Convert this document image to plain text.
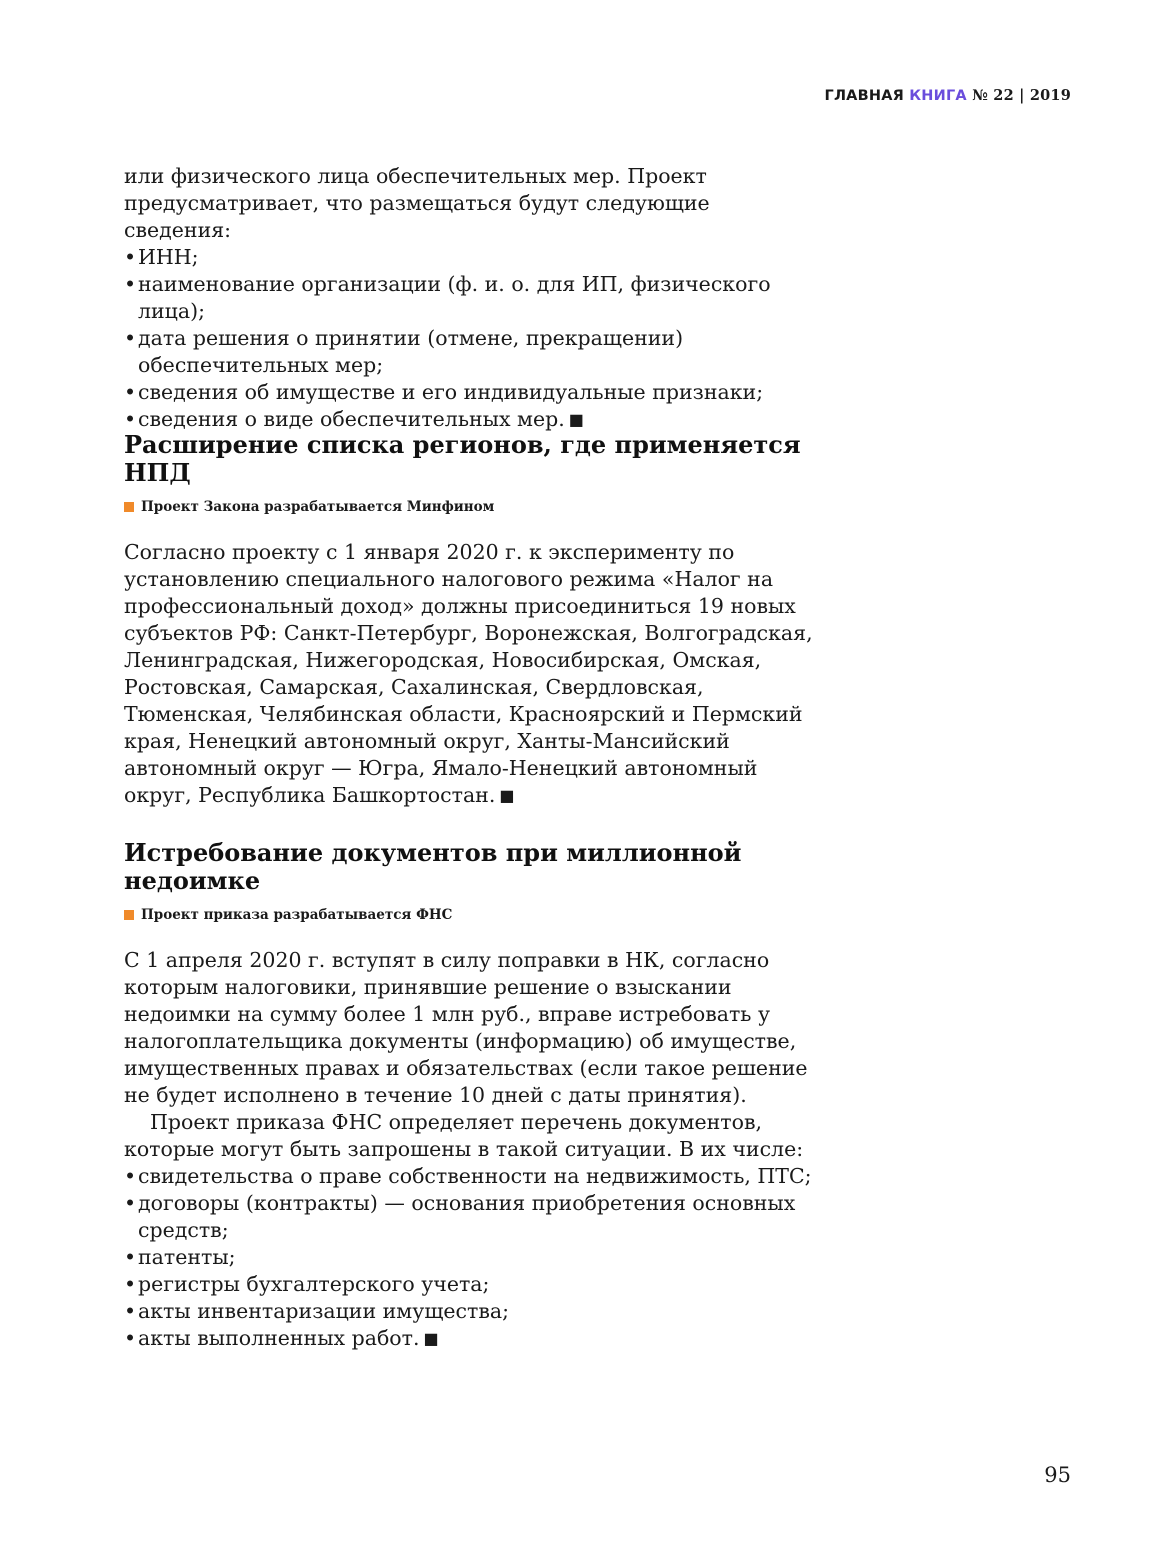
ГЛАВНАЯ КНИГА № 22 | 2019

или физического лица обеспечительных мер. Проект предусматривает, что размещаться будут следующие сведения:

• ИНН;
• наименование организации (ф. и. о. для ИП, физического лица);
• дата решения о принятии (отмене, прекращении) обеспечительных мер;
• сведения об имуществе и его индивидуальные признаки;
• сведения о виде обеспечительных мер. ■
Расширение списка регионов, где применяется НПД
Проект Закона разрабатывается Минфином

Согласно проекту с 1 января 2020 г. к эксперименту по установлению специального налогового режима «Налог на профессиональный доход» должны присоединиться 19 новых субъектов РФ: Санкт-Петербург, Воронежская, Волгоградская, Ленинградская, Нижегородская, Новосибирская, Омская, Ростовская, Самарская, Сахалинская, Свердловская, Тюменская, Челябинская области, Красноярский и Пермский края, Ненецкий автономный округ, Ханты-Мансийский автономный округ — Югра, Ямало-Ненецкий автономный округ, Республика Башкортостан. ■

Истребование документов при миллионной недоимке
Проект приказа разрабатывается ФНС

С 1 апреля 2020 г. вступят в силу поправки в НК, согласно которым налоговики, принявшие решение о взыскании недоимки на сумму более 1 млн руб., вправе истребовать у налогоплательщика документы (информацию) об имуществе, имущественных правах и обязательствах (если такое решение не будет исполнено в течение 10 дней с даты принятия).

Проект приказа ФНС определяет перечень документов, которые могут быть запрошены в такой ситуации. В их числе:

• свидетельства о праве собственности на недвижимость, ПТС;
• договоры (контракты) — основания приобретения основных средств;
• патенты;
• регистры бухгалтерского учета;
• акты инвентаризации имущества;
• акты выполненных работ. ■
95
